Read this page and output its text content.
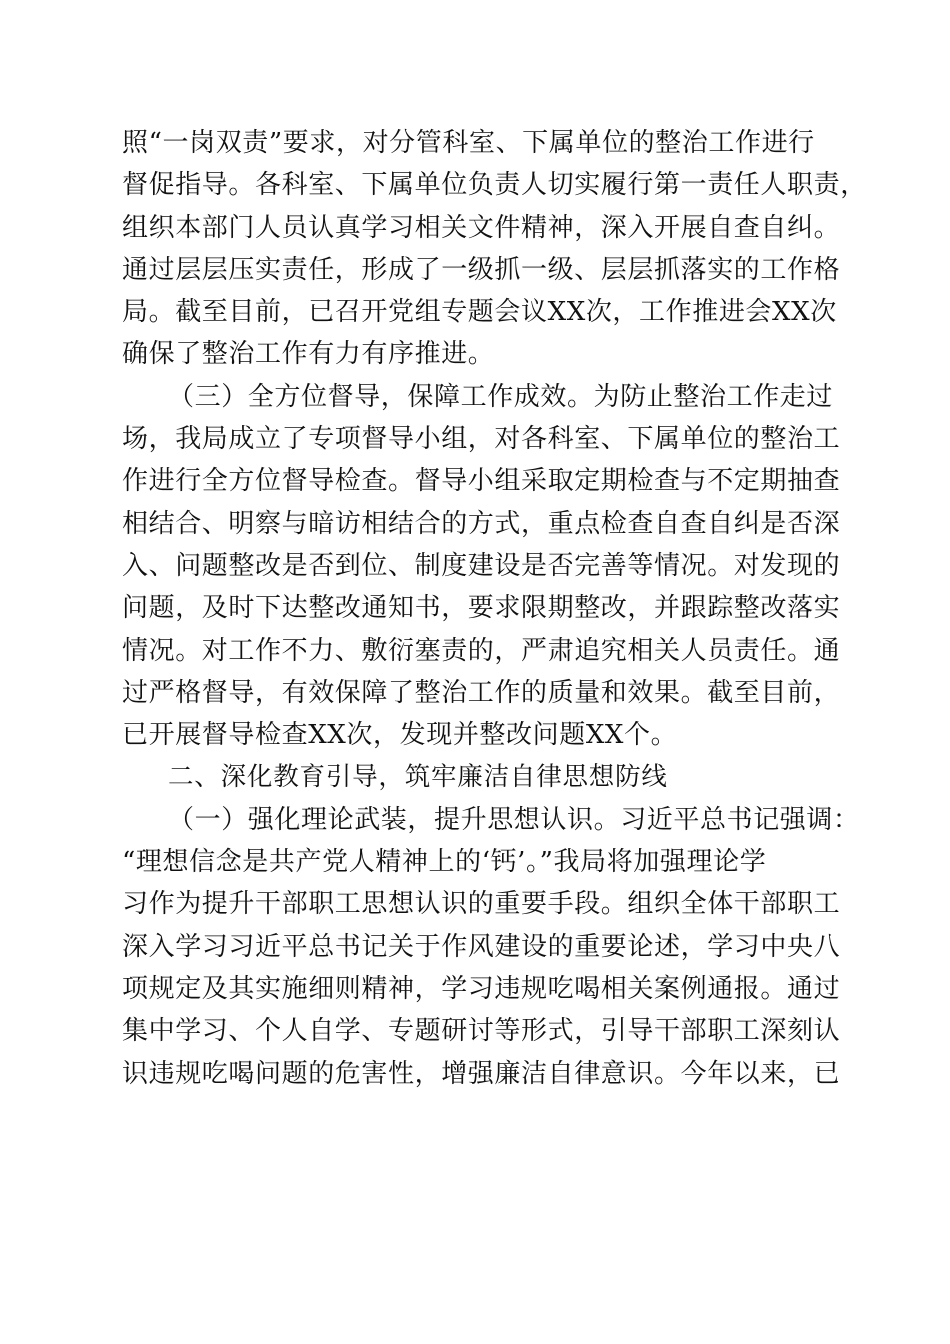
照“一岗双责”要求，对分管科室、下属单位的整治工作进行
督促指导。各科室、下属单位负责人切实履行第一责任人职责，
组织本部门人员认真学习相关文件精神，深入开展自查自纠。
通过层层压实责任，形成了一级抓一级、层层抓落实的工作格
局。截至目前，已召开党组专题会议XX次，工作推进会XX次
确保了整治工作有力有序推进。
（三）全方位督导，保障工作成效。为防止整治工作走过
场，我局成立了专项督导小组，对各科室、下属单位的整治工
作进行全方位督导检查。督导小组采取定期检查与不定期抽查
相结合、明察与暗访相结合的方式，重点检查自查自纠是否深
入、问题整改是否到位、制度建设是否完善等情况。对发现的
问题，及时下达整改通知书，要求限期整改，并跟踪整改落实
情况。对工作不力、敷衍塞责的，严肃追究相关人员责任。通
过严格督导，有效保障了整治工作的质量和效果。截至目前，
已开展督导检查XX次，发现并整改问题XX个。
二、深化教育引导，筑牢廉洁自律思想防线
（一）强化理论武装，提升思想认识。习近平总书记强调：
“理想信念是共产党人精神上的‘钙’。”我局将加强理论学
习作为提升干部职工思想认识的重要手段。组织全体干部职工
深入学习习近平总书记关于作风建设的重要论述，学习中央八
项规定及其实施细则精神，学习违规吃喝相关案例通报。通过
集中学习、个人自学、专题研讨等形式，引导干部职工深刻认
识违规吃喝问题的危害性，增强廉洁自律意识。今年以来，已
